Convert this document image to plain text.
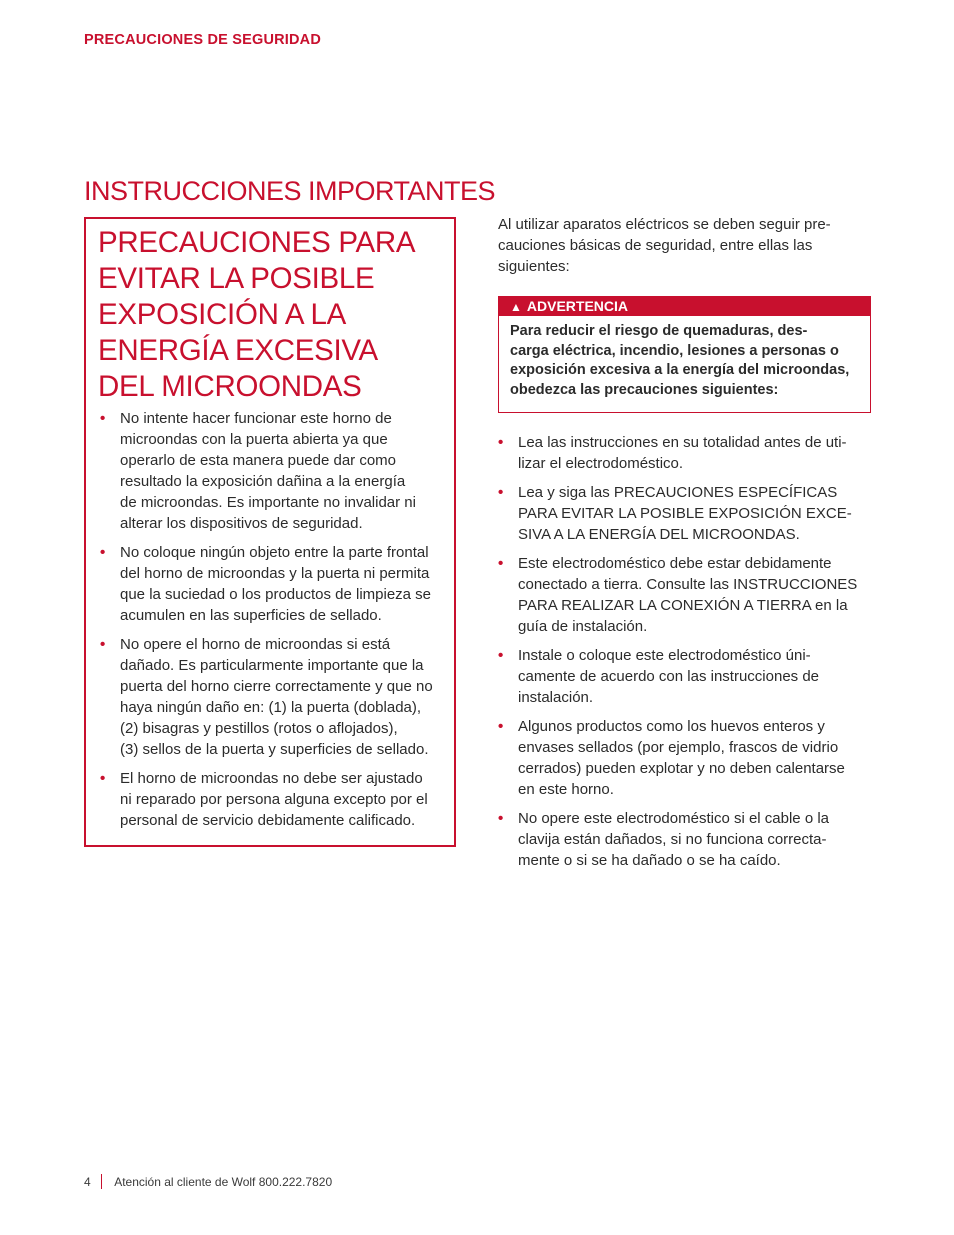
PRECAUCIONES DE SEGURIDAD
INSTRUCCIONES IMPORTANTES
PRECAUCIONES PARA
EVITAR LA POSIBLE
EXPOSICIÓN A LA
ENERGÍA EXCESIVA
DEL MICROONDAS
• No intente hacer funcionar este horno de
microondas con la puerta abierta ya que
operarlo de esta manera puede dar como
resultado la exposición dañina a la energía
de microondas. Es importante no invalidar ni
alterar los dispositivos de seguridad.
• No coloque ningún objeto entre la parte frontal
del horno de microondas y la puerta ni permita
que la suciedad o los productos de limpieza se
acumulen en las superficies de sellado.
• No opere el horno de microondas si está
dañado. Es particularmente importante que la
puerta del horno cierre correctamente y que no
haya ningún daño en: (1) la puerta (doblada),
(2) bisagras y pestillos (rotos o aflojados),
(3) sellos de la puerta y superficies de sellado.
• El horno de microondas no debe ser ajustado
ni reparado por persona alguna excepto por el
personal de servicio debidamente calificado.
Al utilizar aparatos eléctricos se deben seguir pre-
cauciones básicas de seguridad, entre ellas las
siguientes:
▲ ADVERTENCIA
Para reducir el riesgo de quemaduras, des-
carga eléctrica, incendio, lesiones a personas o
exposición excesiva a la energía del microondas,
obedezca las precauciones siguientes:
• Lea las instrucciones en su totalidad antes de uti-
lizar el electrodoméstico.
• Lea y siga las PRECAUCIONES ESPECÍFICAS
PARA EVITAR LA POSIBLE EXPOSICIÓN EXCE-
SIVA A LA ENERGÍA DEL MICROONDAS.
• Este electrodoméstico debe estar debidamente
conectado a tierra. Consulte las INSTRUCCIONES
PARA REALIZAR LA CONEXIÓN A TIERRA en la
guía de instalación.
• Instale o coloque este electrodoméstico úni-
camente de acuerdo con las instrucciones de
instalación.
• Algunos productos como los huevos enteros y
envases sellados (por ejemplo, frascos de vidrio
cerrados) pueden explotar y no deben calentarse
en este horno.
• No opere este electrodoméstico si el cable o la
clavija están dañados, si no funciona correcta-
mente o si se ha dañado o se ha caído.
4 Atención al cliente de Wolf 800.222.7820
